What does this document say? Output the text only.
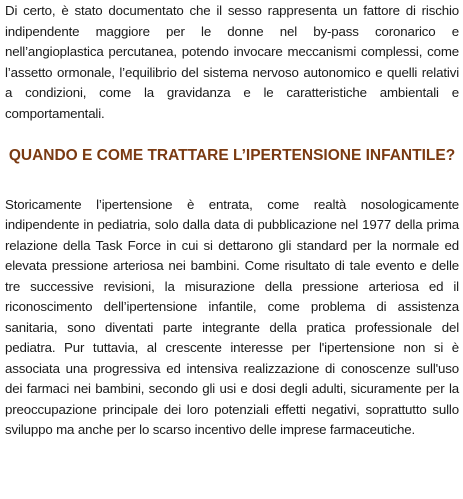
Di certo, è stato documentato che il sesso rappresenta un fattore di rischio indipendente maggiore per le donne nel by-pass coronarico e nell’angioplastica percutanea, potendo invocare meccanismi complessi, come l’assetto ormonale, l’equilibrio del sistema nervoso autonomico e quelli relativi a condizioni, come la gravidanza e le caratteristiche ambientali e comportamentali.

QUANDO E COME TRATTARE L’IPERTENSIONE INFANTILE?

Storicamente l’ipertensione è entrata, come realtà nosologicamente indipendente in pediatria, solo dalla data di pubblicazione nel 1977 della prima relazione della Task Force in cui si dettarono gli standard per la normale ed elevata pressione arteriosa nei bambini. Come risultato di tale evento e delle tre successive revisioni, la misurazione della pressione arteriosa ed il riconoscimento dell’ipertensione infantile, come problema di assistenza sanitaria, sono diventati parte integrante della pratica professionale del pediatra. Pur tuttavia, al crescente interesse per l'ipertensione non si è associata una progressiva ed intensiva realizzazione di conoscenze sull'uso dei farmaci nei bambini, secondo gli usi e dosi degli adulti, sicuramente per la preoccupazione principale dei loro potenziali effetti negativi, soprattutto sullo sviluppo ma anche per lo scarso incentivo delle imprese farmaceutiche.
